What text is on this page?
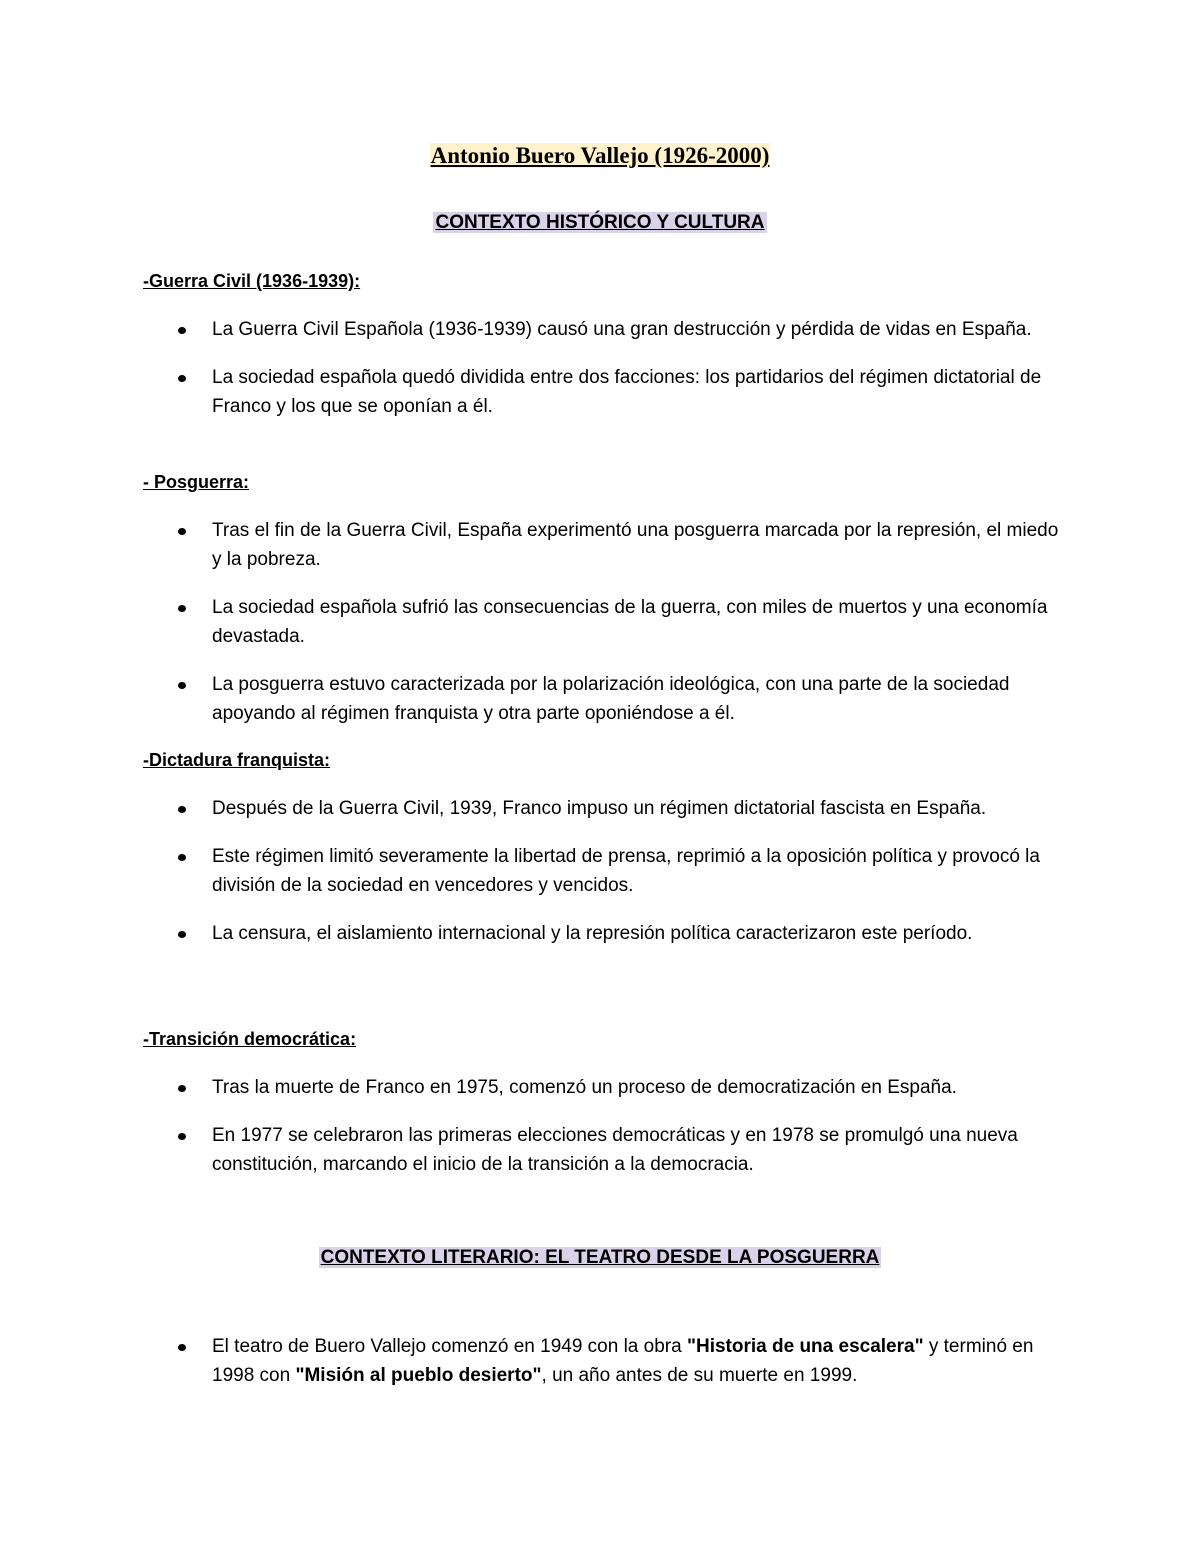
Antonio Buero Vallejo (1926-2000)
CONTEXTO HISTÓRICO Y CULTURA
-Guerra Civil (1936-1939):
La Guerra Civil Española (1936-1939) causó una gran destrucción y pérdida de vidas en España.
La sociedad española quedó dividida entre dos facciones: los partidarios del régimen dictatorial de Franco y los que se oponían a él.
- Posguerra:
Tras el fin de la Guerra Civil, España experimentó una posguerra marcada por la represión, el miedo y la pobreza.
La sociedad española sufrió las consecuencias de la guerra, con miles de muertos y una economía devastada.
La posguerra estuvo caracterizada por la polarización ideológica, con una parte de la sociedad apoyando al régimen franquista y otra parte oponiéndose a él.
-Dictadura franquista:
Después de la Guerra Civil, 1939, Franco impuso un régimen dictatorial fascista en España.
Este régimen limitó severamente la libertad de prensa, reprimió a la oposición política y provocó la división de la sociedad en vencedores y vencidos.
La censura, el aislamiento internacional y la represión política caracterizaron este período.
-Transición democrática:
Tras la muerte de Franco en 1975, comenzó un proceso de democratización en España.
En 1977 se celebraron las primeras elecciones democráticas y en 1978 se promulgó una nueva constitución, marcando el inicio de la transición a la democracia.
CONTEXTO LITERARIO: EL TEATRO DESDE LA POSGUERRA
El teatro de Buero Vallejo comenzó en 1949 con la obra "Historia de una escalera" y terminó en 1998 con "Misión al pueblo desierto", un año antes de su muerte en 1999.
